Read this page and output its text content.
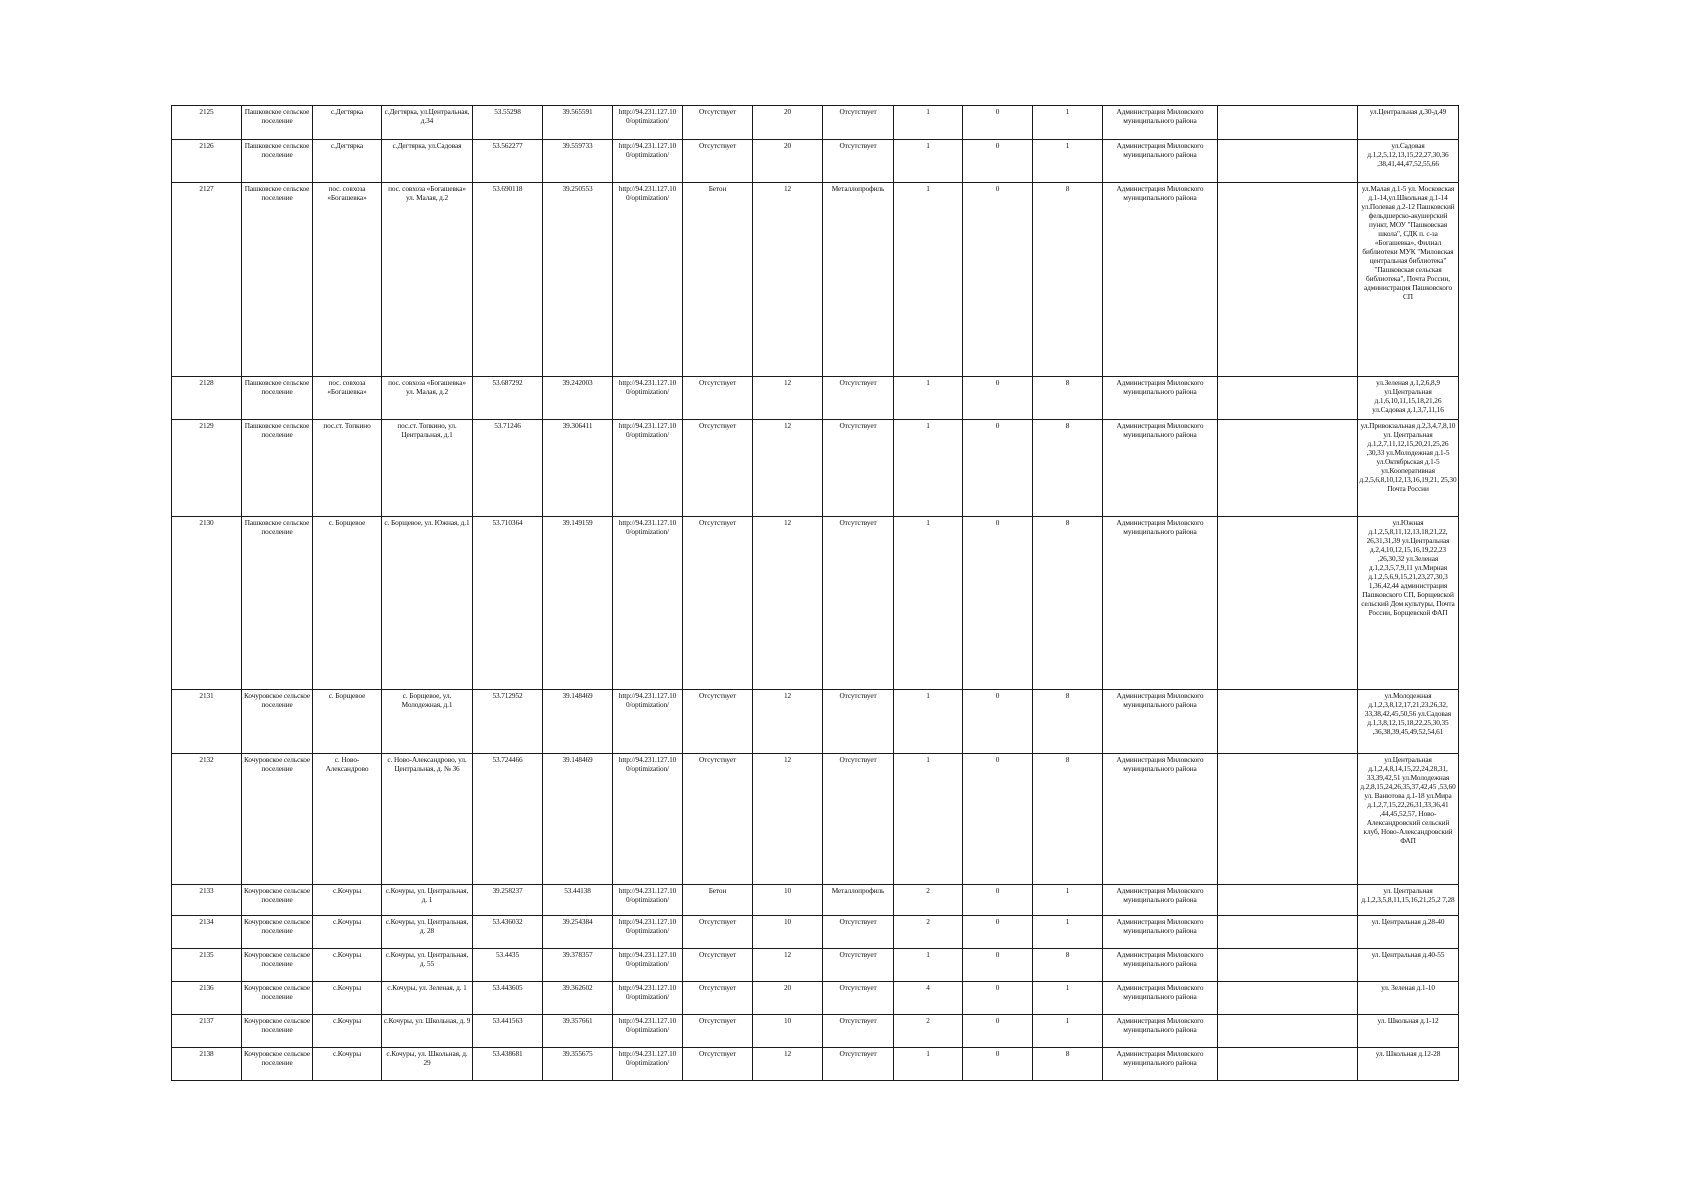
2125	Пашковское сельское поселение	с.Дегтярка	с.Дегтярка, ул.Центральная, д.34	53.55298	39.565591	http://94.231.127.10 0/optimization/	Отсутствует	20	Отсутствует	1	0	1	Администрация Миловского муниципального района		ул.Центральная д.30-д.49
2126	Пашковское сельское поселение	с.Дегтярка	с.Дегтярка, ул.Садовая	53.562277	39.559733	http://94.231.127.10 0/optimization/	Отсутствует	20	Отсутствует	1	0	1	Администрация Миловского муниципального района		ул.Садовая д.1,2,5,12,13,15,22,27,30,36 ,38,41,44,47,52,55,66
2127	Пашковское сельское поселение	пос. совхоза «Богашевка»	пос. совхоза «Богашевка» ул. Малая, д.2	53.690118	39.250553	http://94.231.127.10 0/optimization/	Бетон	12	Металлопрофиль	1	0	8	Администрация Миловского муниципального района		ул.Малая д.1-5 ул. Московская д.1-14,ул.Школьная д.1-14 ул.Полевая д.2-12 Пашковский фельдшерско-акушерский пункт, МОУ "Пашковская школа", СДК п. с-за «Богашевка», Филиал библиотеки МУК "Миловская центральная библиотека" "Пашковская сельская библиотека", Почта России, администрация Пашковского СП
2128	Пашковское сельское поселение	пос. совхоза «Богашевка»	пос. совхоза «Богашевка» ул. Малая, д.2	53.687292	39.242003	http://94.231.127.10 0/optimization/	Отсутствует	12	Отсутствует	1	0	8	Администрация Миловского муниципального района		ул.Зеленая д.1,2,6,8,9 ул.Центральная д.1,6,10,11,15,18,21,26 ул.Садовая д.1,3,7,11,16
2129	Пашковское сельское поселение	пос.ст. Топкино	пос.ст. Топкино, ул. Центральная, д.1	53.71246	39.306411	http://94.231.127.10 0/optimization/	Отсутствует	12	Отсутствует	1	0	8	Администрация Миловского муниципального района		ул.Привокзальная д.2,3,4,7,8,10 ул. Центральная д.1,2,7,11,12,15,20,21,25,26 ,30,33 ул.Молодежная д.1-5 ул.Октябрьская д.1-5 ул.Кооперативная д.2,5,6,8,10,12,13,16,19,21, 25,30 Почта России
2130	Пашковское сельское поселение	с. Борщевое	с. Борщевое, ул. Южная, д.1	53.710364	39.149159	http://94.231.127.10 0/optimization/	Отсутствует	12	Отсутствует	1	0	8	Администрация Миловского муниципального района		ул.Южная д.1,2,5,8,11,12,13,18,21,22, 26,31,31,39 ул.Центральная д.2,4,10,12,15,16,19,22,23 ,26,30,32 ул.Зеленая д.1,2,3,5,7,9,11 ул.Мирная д.1,2,5,6,9,15,21,23,27,30,3 1,36,42,44 администрация Пашковского СП, Борщевской сельский Дом культуры, Почта России, Борщевской ФАП
2131	Кочуровское сельское поселение	с. Борщевое	с. Борщевое, ул. Молодежная, д.1	53.712952	39.148469	http://94.231.127.10 0/optimization/	Отсутствует	12	Отсутствует	1	0	8	Администрация Миловского муниципального района		ул.Молодежная д.1,2,3,8,12,17,21,23,26,32, 33,38,42,45,50,56 ул.Садовая д.1,3,8,12,15,18,22,25,30,35 ,36,38,39,45,49,52,54,61
2132	Кочуровское сельское поселение	с. Ново-Александрово	с. Ново-Александрово, ул. Центральная, д. № 36	53.724466	39.148469	http://94.231.127.10 0/optimization/	Отсутствует	12	Отсутствует	1	0	8	Администрация Миловского муниципального района		ул.Центральная д.1,2,4,8,14,15,22,24,28,31, 33,39,42,51 ул.Молодежная д.2,8,15,24,26,35,37,42,45 ,53,60 ул. Ванютова д.1-18 ул.Мира д.1,2,7,15,22,26,31,33,36,41 ,44,45,52,57, Ново-Александровский сельский клуб, Ново-Александровский ФАП
2133	Кочуровское сельское поселение	с.Кочуры	с.Кочуры, ул. Центральная, д. 1	39.258237	53.44138	http://94.231.127.10 0/optimization/	Бетон	10	Металлопрофиль	2	0	1	Администрация Миловского муниципального района		ул. Центральная д.1,2,3,5,8,11,15,16,21,25,2 7,28
2134	Кочуровское сельское поселение	с.Кочуры	с.Кочуры, ул. Центральная, д. 28	53.436032	39.254384	http://94.231.127.10 0/optimization/	Отсутствует	10	Отсутствует	2	0	1	Администрация Миловского муниципального района		ул. Центральная д.28-40
2135	Кочуровское сельское поселение	с.Кочуры	с.Кочуры, ул. Центральная, д. 55	53.4435	39.378357	http://94.231.127.10 0/optimization/	Отсутствует	12	Отсутствует	1	0	8	Администрация Миловского муниципального района		ул. Центральная д.40-55
2136	Кочуровское сельское поселение	с.Кочуры	с.Кочуры, ул. Зеленая, д. 1	53.443605	39.362602	http://94.231.127.10 0/optimization/	Отсутствует	20	Отсутствует	4	0	1	Администрация Миловского муниципального района		ул. Зеленая д.1-10
2137	Кочуровское сельское поселение	с.Кочуры	с.Кочуры, ул. Школьная, д. 9	53.441563	39.357661	http://94.231.127.10 0/optimization/	Отсутствует	10	Отсутствует	2	0	1	Администрация Миловского муниципального района		ул. Школьная д.1-12
2138	Кочуровское сельское поселение	с.Кочуры	с.Кочуры, ул. Школьная, д. 29	53.438681	39.355675	http://94.231.127.10 0/optimization/	Отсутствует	12	Отсутствует	1	0	8	Администрация Миловского муниципального района		ул. Школьная д.12-28
